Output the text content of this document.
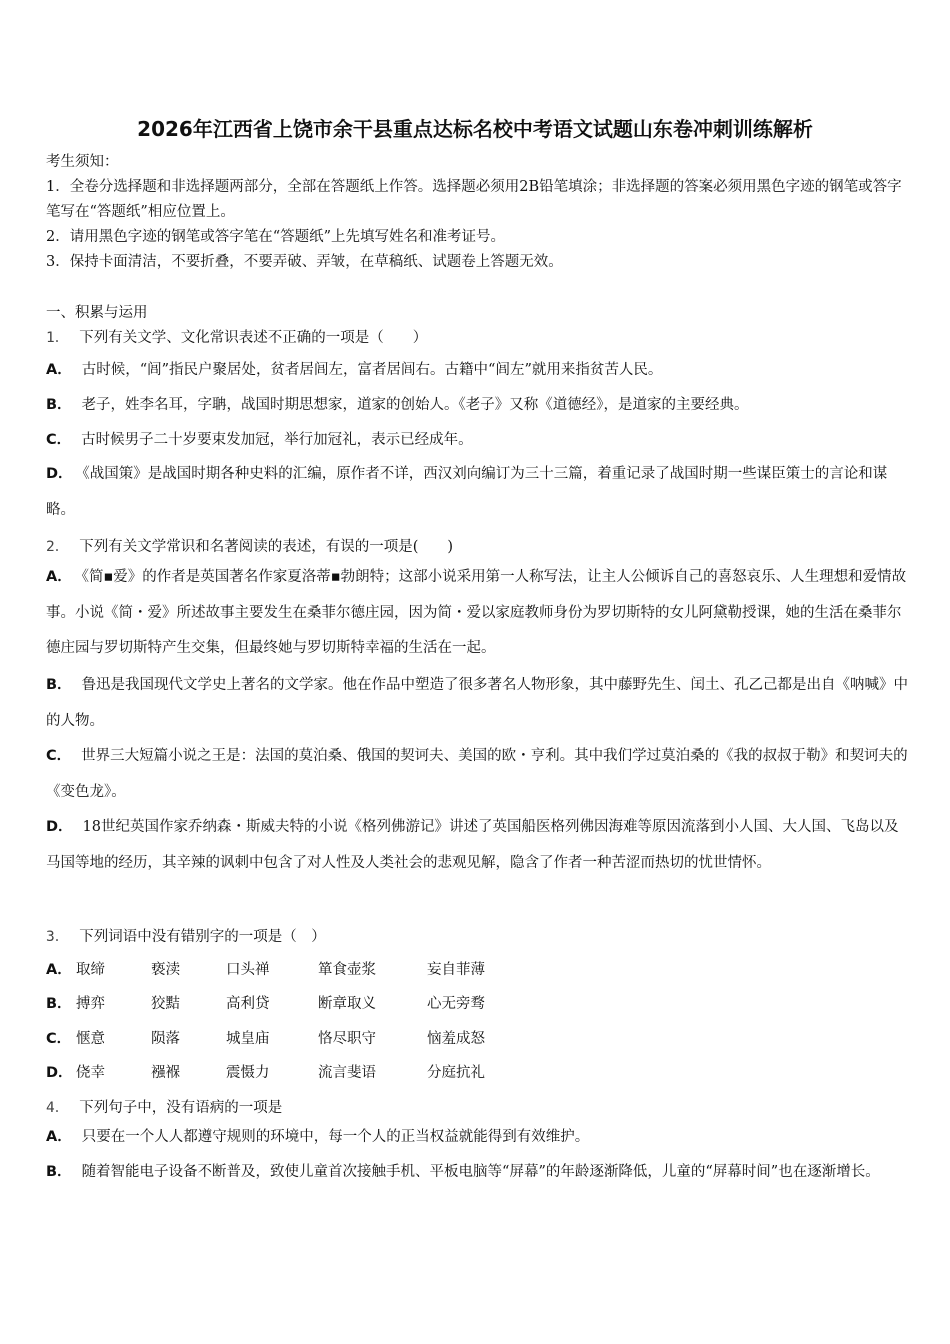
2026年江西省上饶市余干县重点达标名校中考语文试题山东卷冲刺训练解析
考生须知：
1．全卷分选择题和非选择题两部分，全部在答题纸上作答。选择题必须用2B铅笔填涂；非选择题的答案必须用黑色字迹的钢笔或答字笔写在“答题纸”相应位置上。
2．请用黑色字迹的钢笔或答字笔在“答题纸”上先填写姓名和准考证号。
3．保持卡面清洁，不要折叠，不要弄破、弄皱，在草稿纸、试题卷上答题无效。
一、积累与运用
1． 下列有关文学、文化常识表述不正确的一项是（　　）
A． 古时候，“闾”指民户聚居处，贫者居闾左，富者居闾右。古籍中“闾左”就用来指贫苦人民。
B． 老子，姓李名耳，字聃，战国时期思想家，道家的创始人。《老子》又称《道德经》，是道家的主要经典。
C． 古时候男子二十岁要束发加冠，举行加冠礼，表示已经成年。
D． 《战国策》是战国时期各种史料的汇编，原作者不详，西汉刘向编订为三十三篇，着重记录了战国时期一些谋臣策士的言论和谋略。
2． 下列有关文学常识和名著阅读的表述，有误的一项是(　　)
A． 《简▪爱》的作者是英国著名作家夏洛蒂▪勃朗特；这部小说采用第一人称写法，让主人公倾诉自己的喜怒哀乐、人生理想和爱情故事。小说《简・爱》所述故事主要发生在桑菲尔德庄园，因为简・爱以家庭教师身份为罗切斯特的女儿阿黛勒授课，她的生活在桑菲尔德庄园与罗切斯特产生交集，但最终她与罗切斯特幸福的生活在一起。
B． 鲁迅是我国现代文学史上著名的文学家。他在作品中塑造了很多著名人物形象，其中藤野先生、闰土、孔乙己都是出自《呐喊》中的人物。
C． 世界三大短篇小说之王是：法国的莫泊桑、俄国的契诃夫、美国的欧・亨利。其中我们学过莫泊桑的《我的叔叔于勒》和契诃夫的《变色龙》。
D． 18世纪英国作家乔纳森・斯威夫特的小说《格列佛游记》讲述了英国船医格列佛因海难等原因流落到小人国、大人国、飞岛以及马国等地的经历，其辛辣的讽刺中包含了对人性及人类社会的悲观见解，隐含了作者一种苦涩而热切的忧世情怀。
3． 下列词语中没有错别字的一项是（　）
A． 取缔	亵渎	口头禅	箪食壶浆	妄自菲薄
B． 搏弈	狡黠	高利贷	断章取义	心无旁骛
C． 惬意	陨落	城皇庙	恪尽职守	恼羞成怒
D． 侥幸	襁褓	震慑力	流言斐语	分庭抗礼
4． 下列句子中，没有语病的一项是
A． 只要在一个人人都遵守规则的环境中，每一个人的正当权益就能得到有效维护。
B． 随着智能电子设备不断普及，致使儿童首次接触手机、平板电脑等“屏幕”的年龄逐渐降低，儿童的“屏幕时间”也在逐渐增长。
